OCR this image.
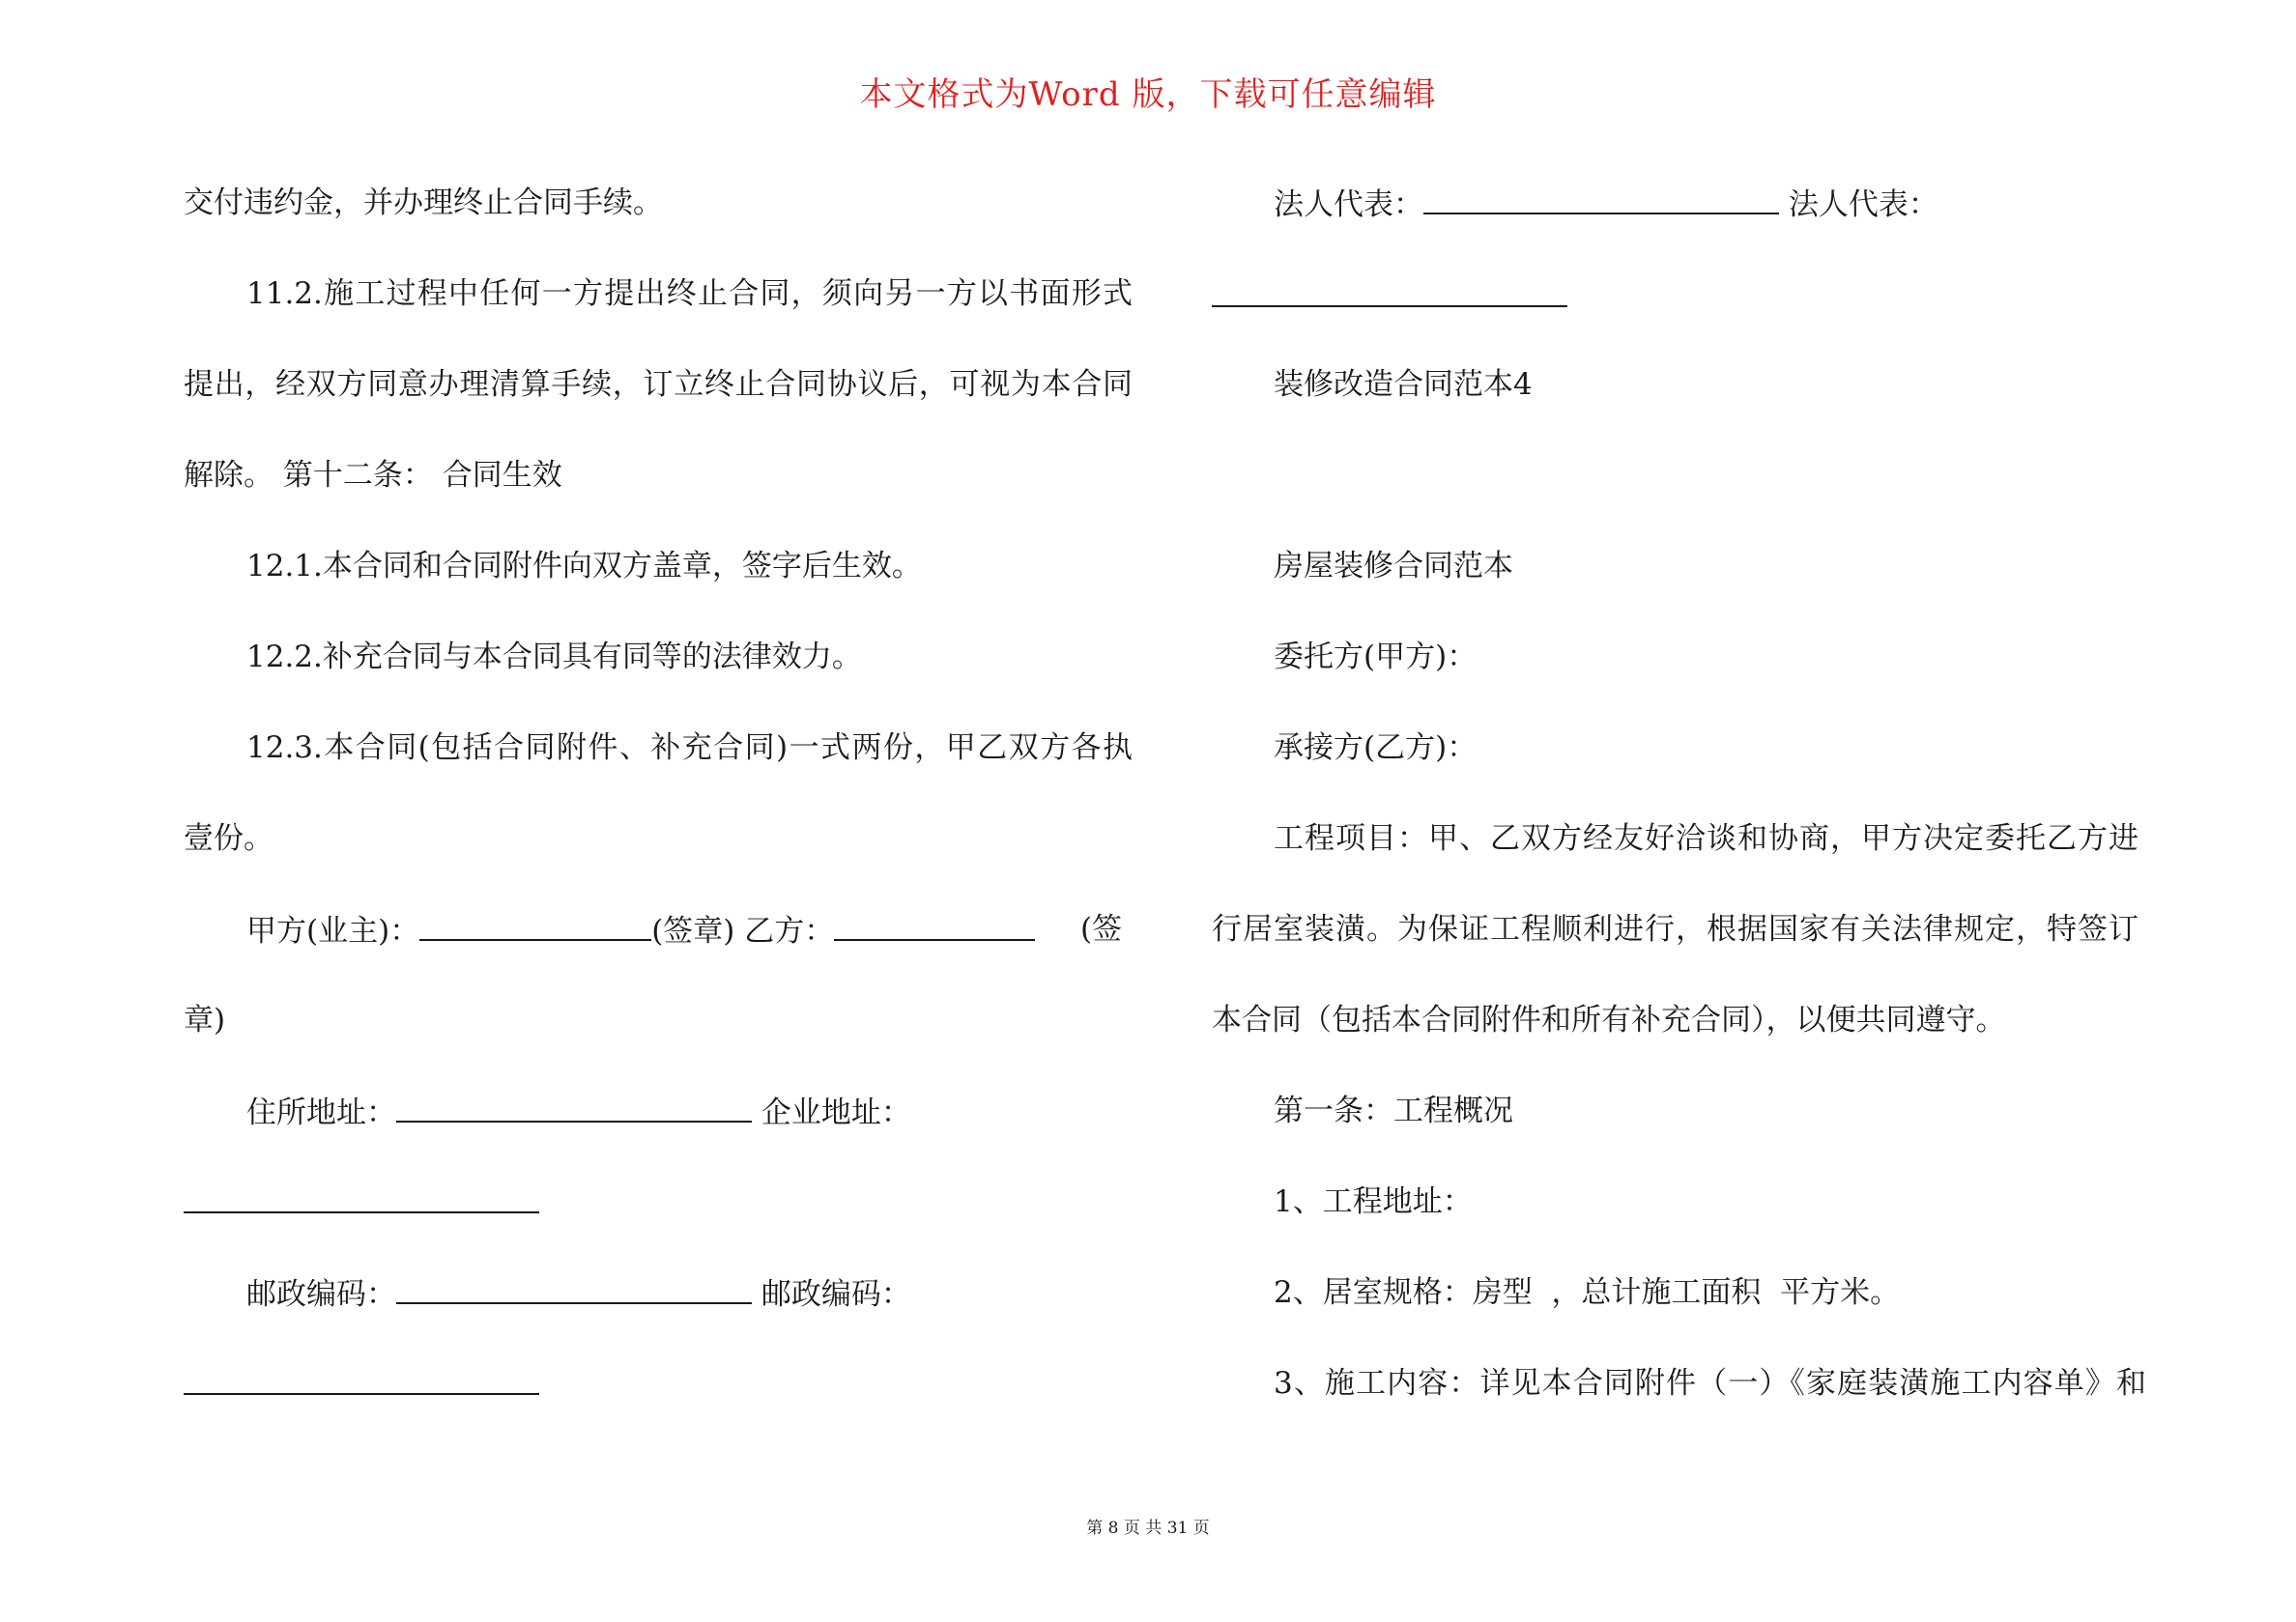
本文格式为Word 版，下载可任意编辑
交付违约金，并办理终止合同手续。
11.2.施工过程中任何一方提出终止合同，须向另一方以书面形式
提出，经双方同意办理清算手续，订立终止合同协议后，可视为本合同
解除。 第十二条： 合同生效
12.1.本合同和合同附件向双方盖章，签字后生效。
12.2.补充合同与本合同具有同等的法律效力。
12.3.本合同(包括合同附件、补充合同)一式两份，甲乙双方各执
壹份。
甲方(业主)：	(签章) 乙方：	(签
章)
住所地址：	企业地址：
邮政编码：	邮政编码：
法人代表：	法人代表：
装修改造合同范本4
房屋装修合同范本
委托方(甲方)：
承接方(乙方)：
工程项目：甲、乙双方经友好洽谈和协商，甲方决定委托乙方进
行居室装潢。为保证工程顺利进行，根据国家有关法律规定，特签订
本合同（包括本合同附件和所有补充合同），以便共同遵守。
第一条：工程概况
1、工程地址：
2、居室规格：房型  ，总计施工面积  平方米。
3、施工内容：详见本合同附件（一）《家庭装潢施工内容单》和
第 8 页 共 31 页
